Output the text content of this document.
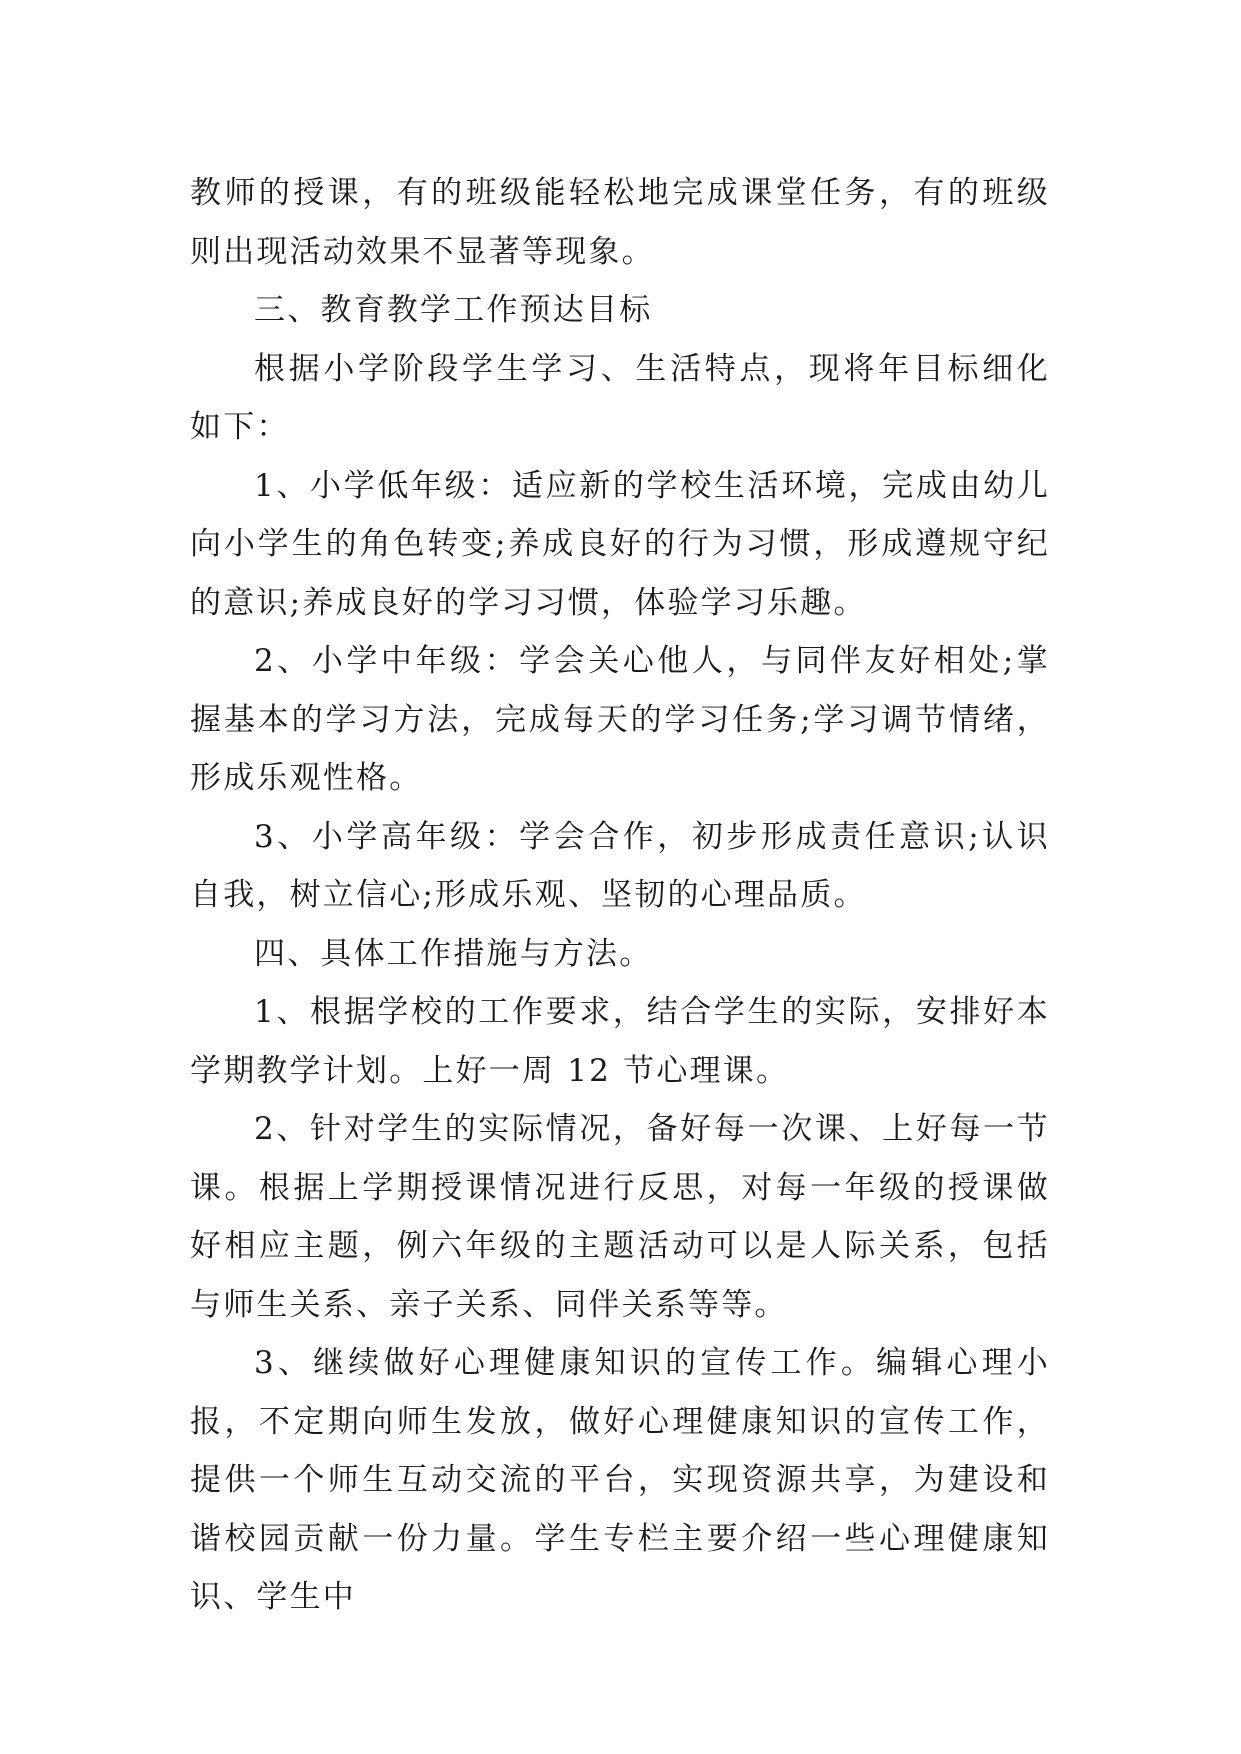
教师的授课，有的班级能轻松地完成课堂任务，有的班级则出现活动效果不显著等现象。

三、教育教学工作预达目标

根据小学阶段学生学习、生活特点，现将年目标细化如下：

1、小学低年级：适应新的学校生活环境，完成由幼儿向小学生的角色转变;养成良好的行为习惯，形成遵规守纪的意识;养成良好的学习习惯，体验学习乐趣。

2、小学中年级：学会关心他人，与同伴友好相处;掌握基本的学习方法，完成每天的学习任务;学习调节情绪，形成乐观性格。

3、小学高年级：学会合作，初步形成责任意识;认识自我，树立信心;形成乐观、坚韧的心理品质。

四、具体工作措施与方法。

1、根据学校的工作要求，结合学生的实际，安排好本学期教学计划。上好一周 12 节心理课。

2、针对学生的实际情况，备好每一次课、上好每一节课。根据上学期授课情况进行反思，对每一年级的授课做好相应主题，例六年级的主题活动可以是人际关系，包括与师生关系、亲子关系、同伴关系等等。

3、继续做好心理健康知识的宣传工作。编辑心理小报，不定期向师生发放，做好心理健康知识的宣传工作，提供一个师生互动交流的平台，实现资源共享，为建设和谐校园贡献一份力量。学生专栏主要介绍一些心理健康知识、学生中
